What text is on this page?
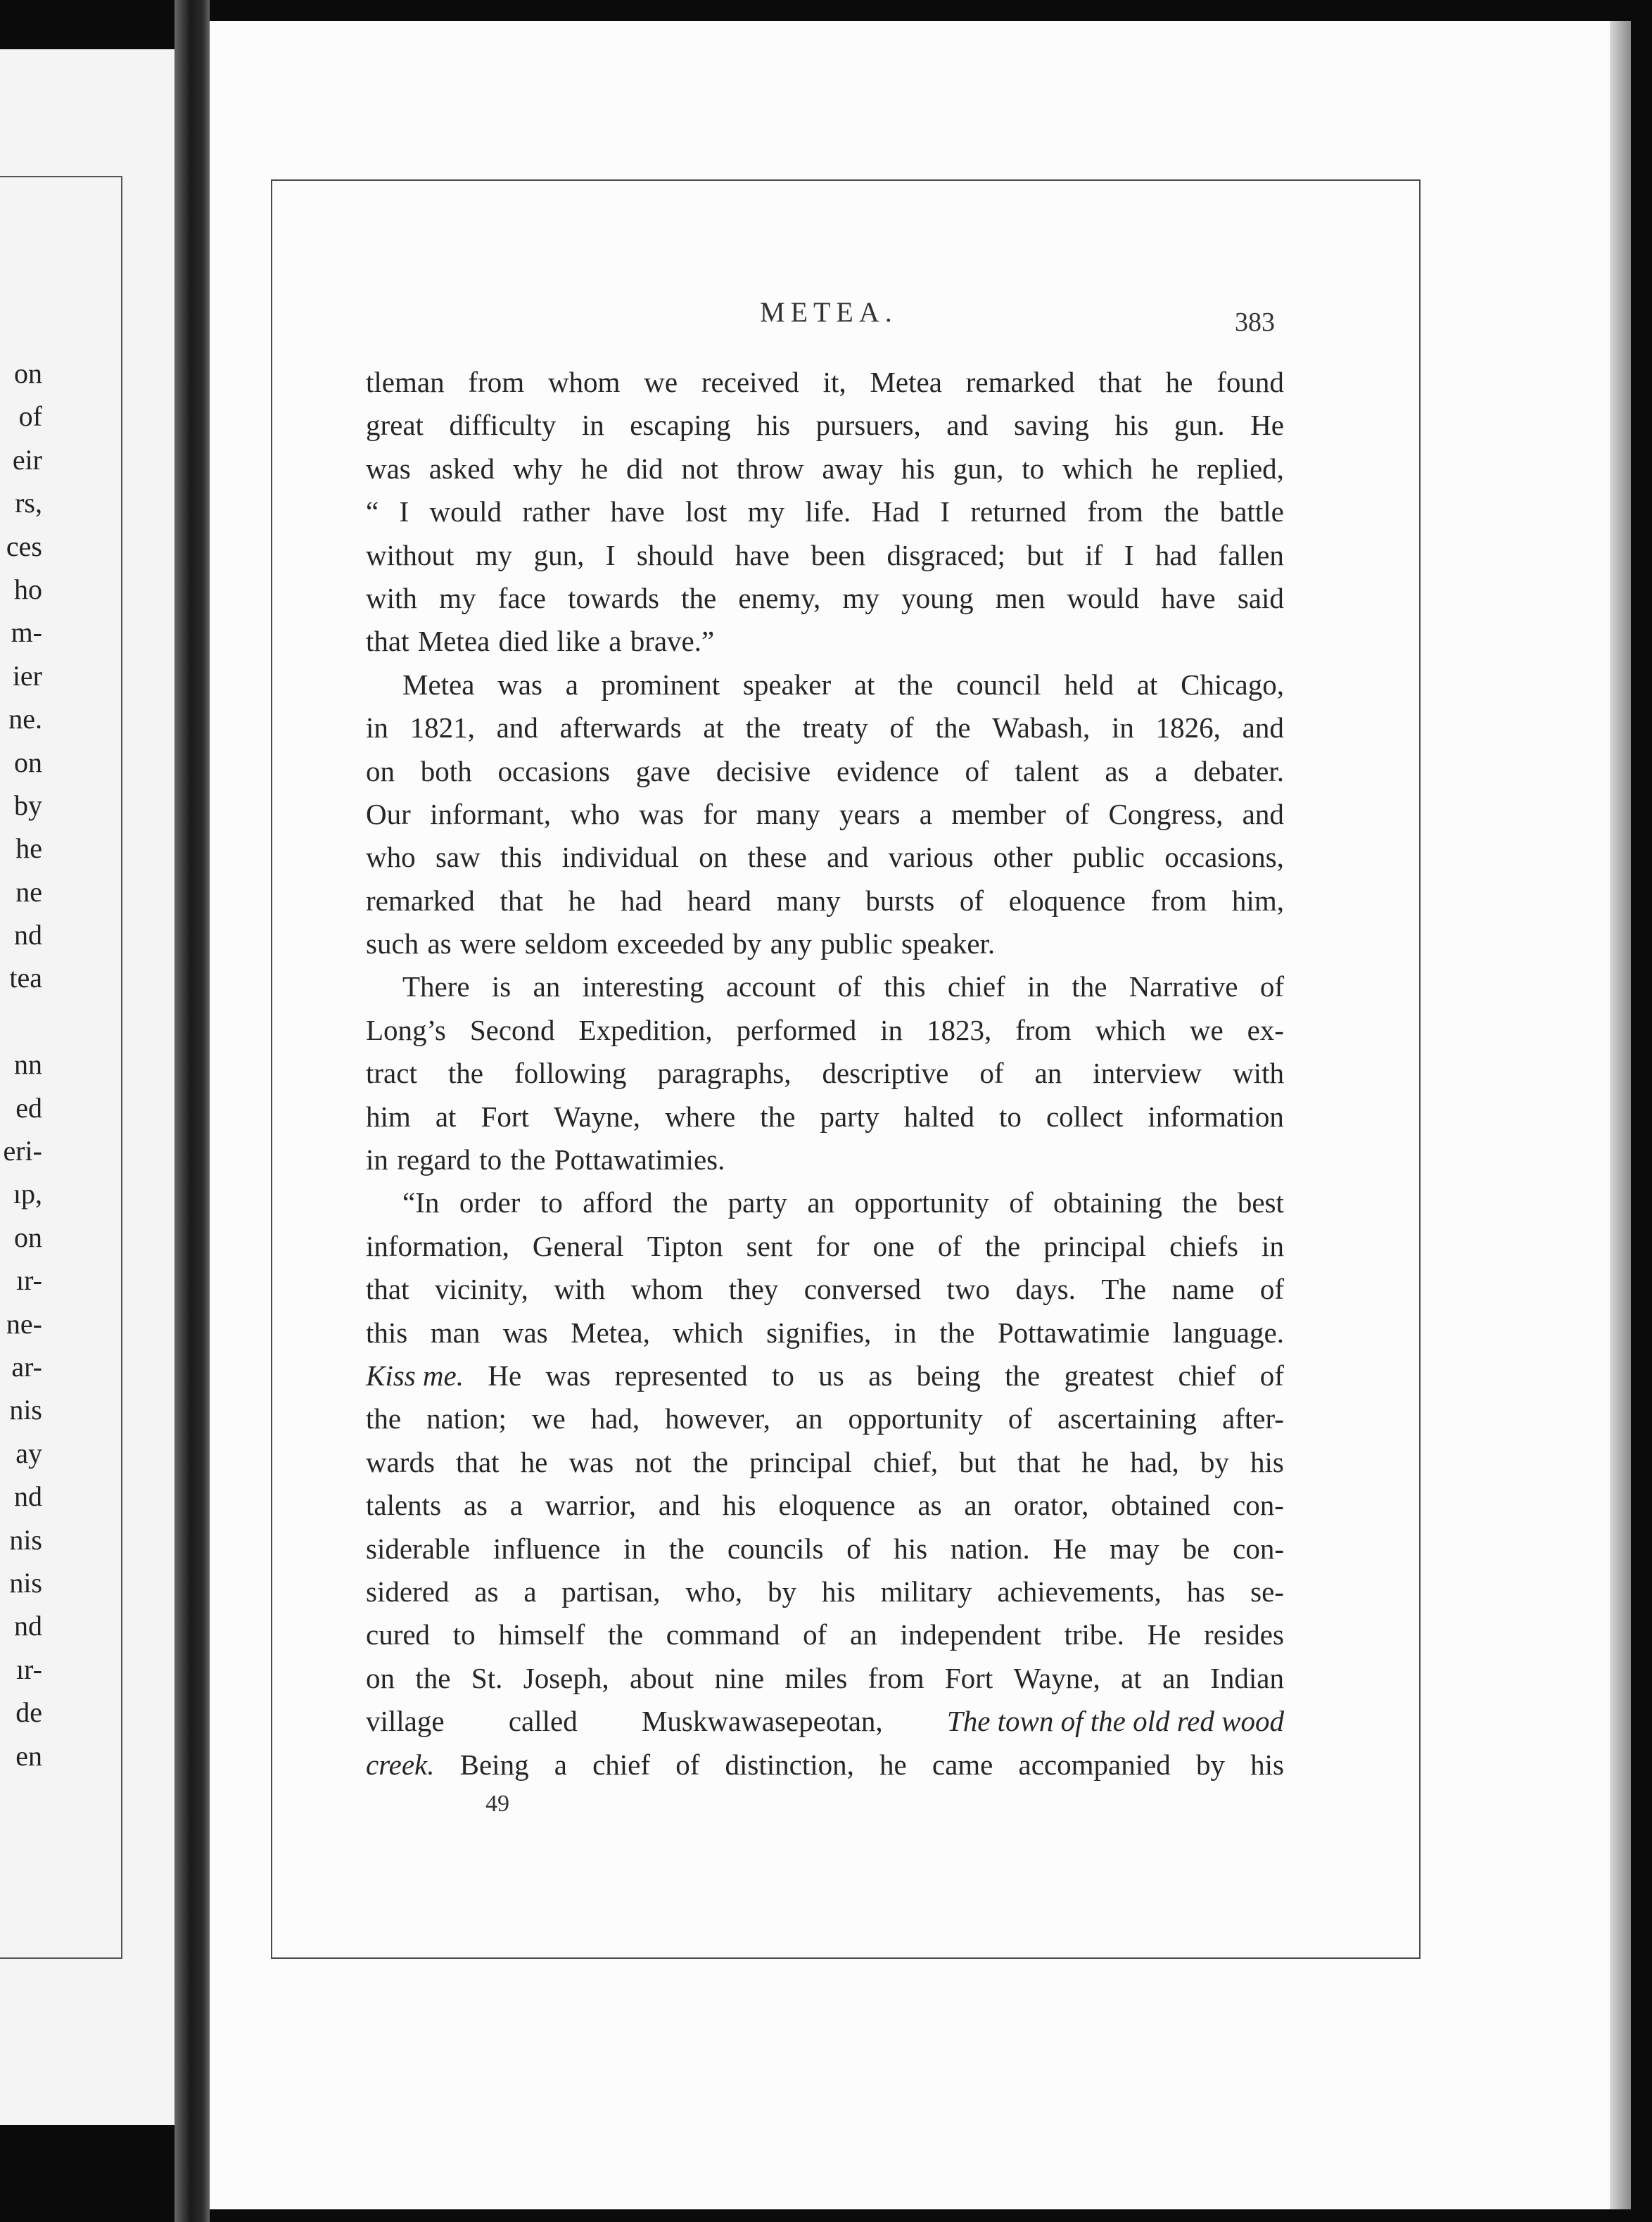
on
of
eir
rs,
ces
ho
m-
ier
ne.
on
by
he
ne
nd
tea
nn
ed
eri-
ıp,
on
ır-
ne-
ar-
nis
ay
nd
nis
nis
nd
ır-
de
en
METEA.	383
tleman from whom we received it, Metea remarked that he found
great difficulty in escaping his pursuers, and saving his gun. He
was asked why he did not throw away his gun, to which he replied,
“ I would rather have lost my life. Had I returned from the battle
without my gun, I should have been disgraced; but if I had fallen
with my face towards the enemy, my young men would have said
that Metea died like a brave.”
Metea was a prominent speaker at the council held at Chicago,
in 1821, and afterwards at the treaty of the Wabash, in 1826, and
on both occasions gave decisive evidence of talent as a debater.
Our informant, who was for many years a member of Congress, and
who saw this individual on these and various other public occasions,
remarked that he had heard many bursts of eloquence from him,
such as were seldom exceeded by any public speaker.
There is an interesting account of this chief in the Narrative of
Long’s Second Expedition, performed in 1823, from which we ex-
tract the following paragraphs, descriptive of an interview with
him at Fort Wayne, where the party halted to collect information
in regard to the Pottawatimies.
“In order to afford the party an opportunity of obtaining the best
information, General Tipton sent for one of the principal chiefs in
that vicinity, with whom they conversed two days. The name of
this man was Metea, which signifies, in the Pottawatimie language.
Kiss me. He was represented to us as being the greatest chief of
the nation; we had, however, an opportunity of ascertaining after-
wards that he was not the principal chief, but that he had, by his
talents as a warrior, and his eloquence as an orator, obtained con-
siderable influence in the councils of his nation. He may be con-
sidered as a partisan, who, by his military achievements, has se-
cured to himself the command of an independent tribe. He resides
on the St. Joseph, about nine miles from Fort Wayne, at an Indian
village called Muskwawasepeotan, The town of the old red wood
creek. Being a chief of distinction, he came accompanied by his
49
